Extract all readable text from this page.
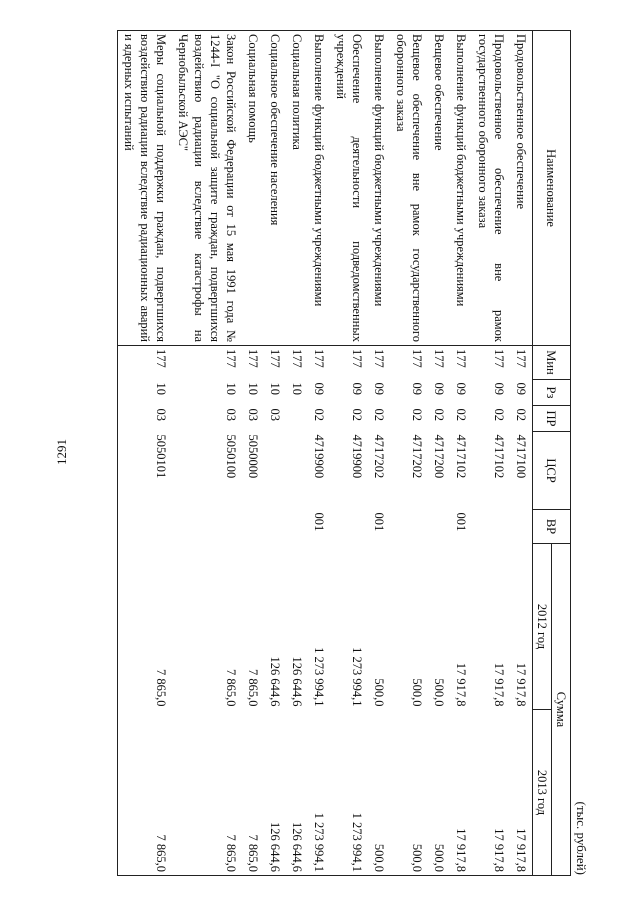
1291
(тыс. рублей)
Наименование	Мин	Рз	ПР	ЦСР	ВР	Сумма	
						2012 год	2013 год
Продовольственное обеспечение	177	09	02	4717100		17 917,8	17 917,8
Продовольственное обеспечение вне рамок государственного оборонного заказа	177	09	02	4717102		17 917,8	17 917,8
Выполнение функций бюджетными учреждениями	177	09	02	4717102	001	17 917,8	17 917,8
Вещевое обеспечение	177	09	02	4717200		500,0	500,0
Вещевое обеспечение вне рамок государственного оборонного заказа	177	09	02	4717202		500,0	500,0
Выполнение функций бюджетными учреждениями	177	09	02	4717202	001	500,0	500,0
Обеспечение деятельности подведомственных учреждений	177	09	02	4719900		1 273 994,1	1 273 994,1
Выполнение функций бюджетными учреждениями	177	09	02	4719900	001	1 273 994,1	1 273 994,1
Социальная политика	177	10				126 644,6	126 644,6
Социальное обеспечение населения	177	10	03			126 644,6	126 644,6
Социальная помощь	177	10	03	5050000		7 865,0	7 865,0
Закон Российской Федерации от 15 мая 1991 года № 1244-I "О социальной защите граждан, подвергшихся воздействию радиации вследствие катастрофы на Чернобыльской АЭС"	177	10	03	5050100		7 865,0	7 865,0
Меры социальной поддержки граждан, подвергшихся воздействию радиации вследствие радиационных аварий и ядерных испытаний	177	10	03	5050101		7 865,0	7 865,0
